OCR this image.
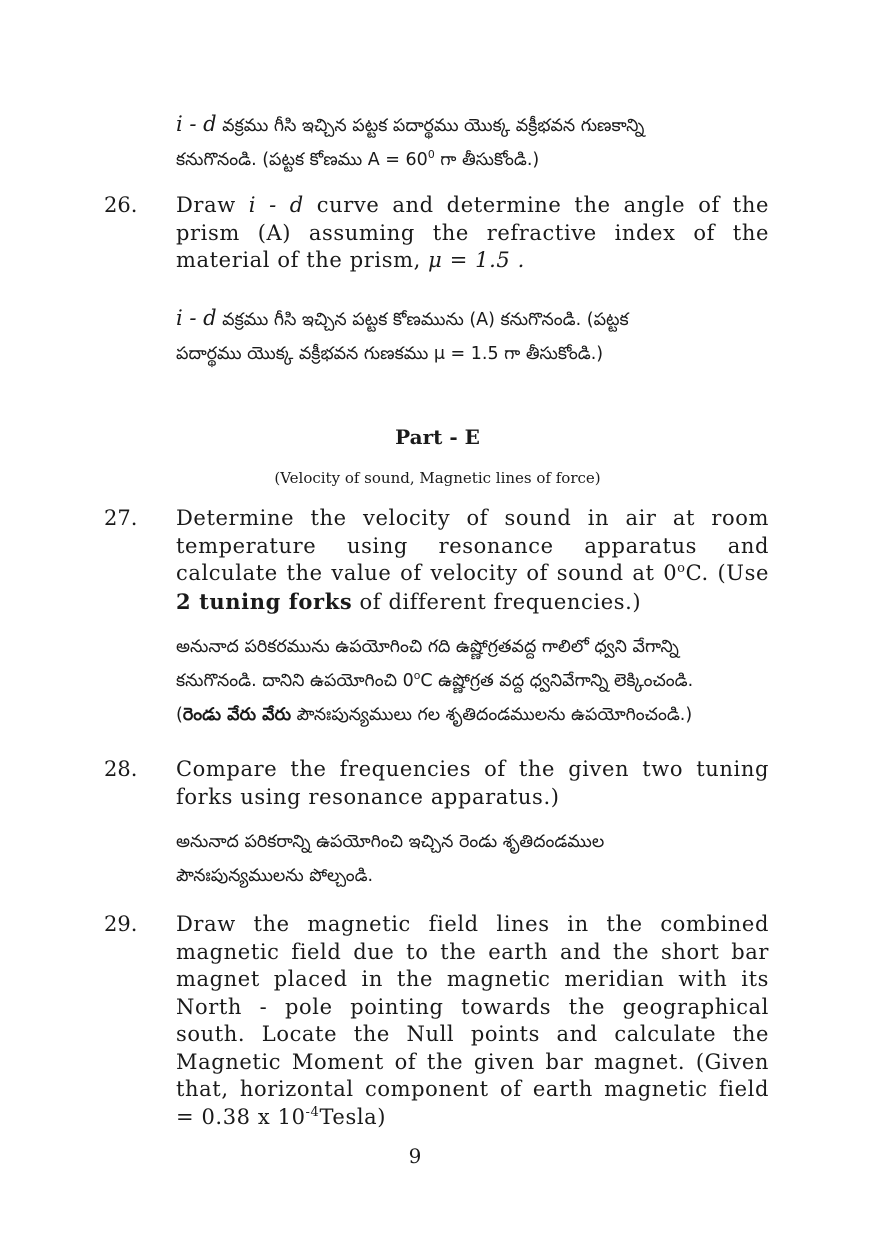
i - d వక్రము గీసి ఇచ్చిన పట్టక పదార్థము యొక్క వక్రీభవన గుణకాన్ని
కనుగొనండి. (పట్టక కోణము $A = 60^0$ గా తీసుకోండి.)
26. Draw i - d curve and determine the angle of the prism (A) assuming the refractive index of the material of the prism, μ = 1.5 .
i - d వక్రము గీసి ఇచ్చిన పట్టక కోణమును (A) కనుగొనండి. (పట్టక
పదార్థము యొక్క వక్రీభవన గుణకము μ = 1.5 గా తీసుకోండి.)
Part - E
(Velocity of sound, Magnetic lines of force)
27. Determine the velocity of sound in air at room temperature using resonance apparatus and calculate the value of velocity of sound at 0$^o$C. (Use 2 tuning forks of different frequencies.)
అనునాద పరికరమును ఉపయోగించి గది ఉష్ణోగ్రతవద్ద గాలిలో ధ్వని వేగాన్ని
కనుగొనండి. దానిని ఉపయోగించి 0$^o$C ఉష్ణోగ్రత వద్ద ధ్వనివేగాన్ని లెక్కించండి.
(రెండు వేరు వేరు పౌనఃపున్యములు గల శృతిదండములను ఉపయోగించండి.)
28. Compare the frequencies of the given two tuning forks using resonance apparatus.)
అనునాద పరికరాన్ని ఉపయోగించి ఇచ్చిన రెండు శృతిదండముల
పౌనఃపున్యములను పోల్చండి.
29. Draw the magnetic field lines in the combined magnetic field due to the earth and the short bar magnet placed in the magnetic meridian with its North - pole pointing towards the geographical south. Locate the Null points and calculate the Magnetic Moment of the given bar magnet. (Given that, horizontal component of earth magnetic field = 0.38 x $10^{-4}Tesla$)
9
